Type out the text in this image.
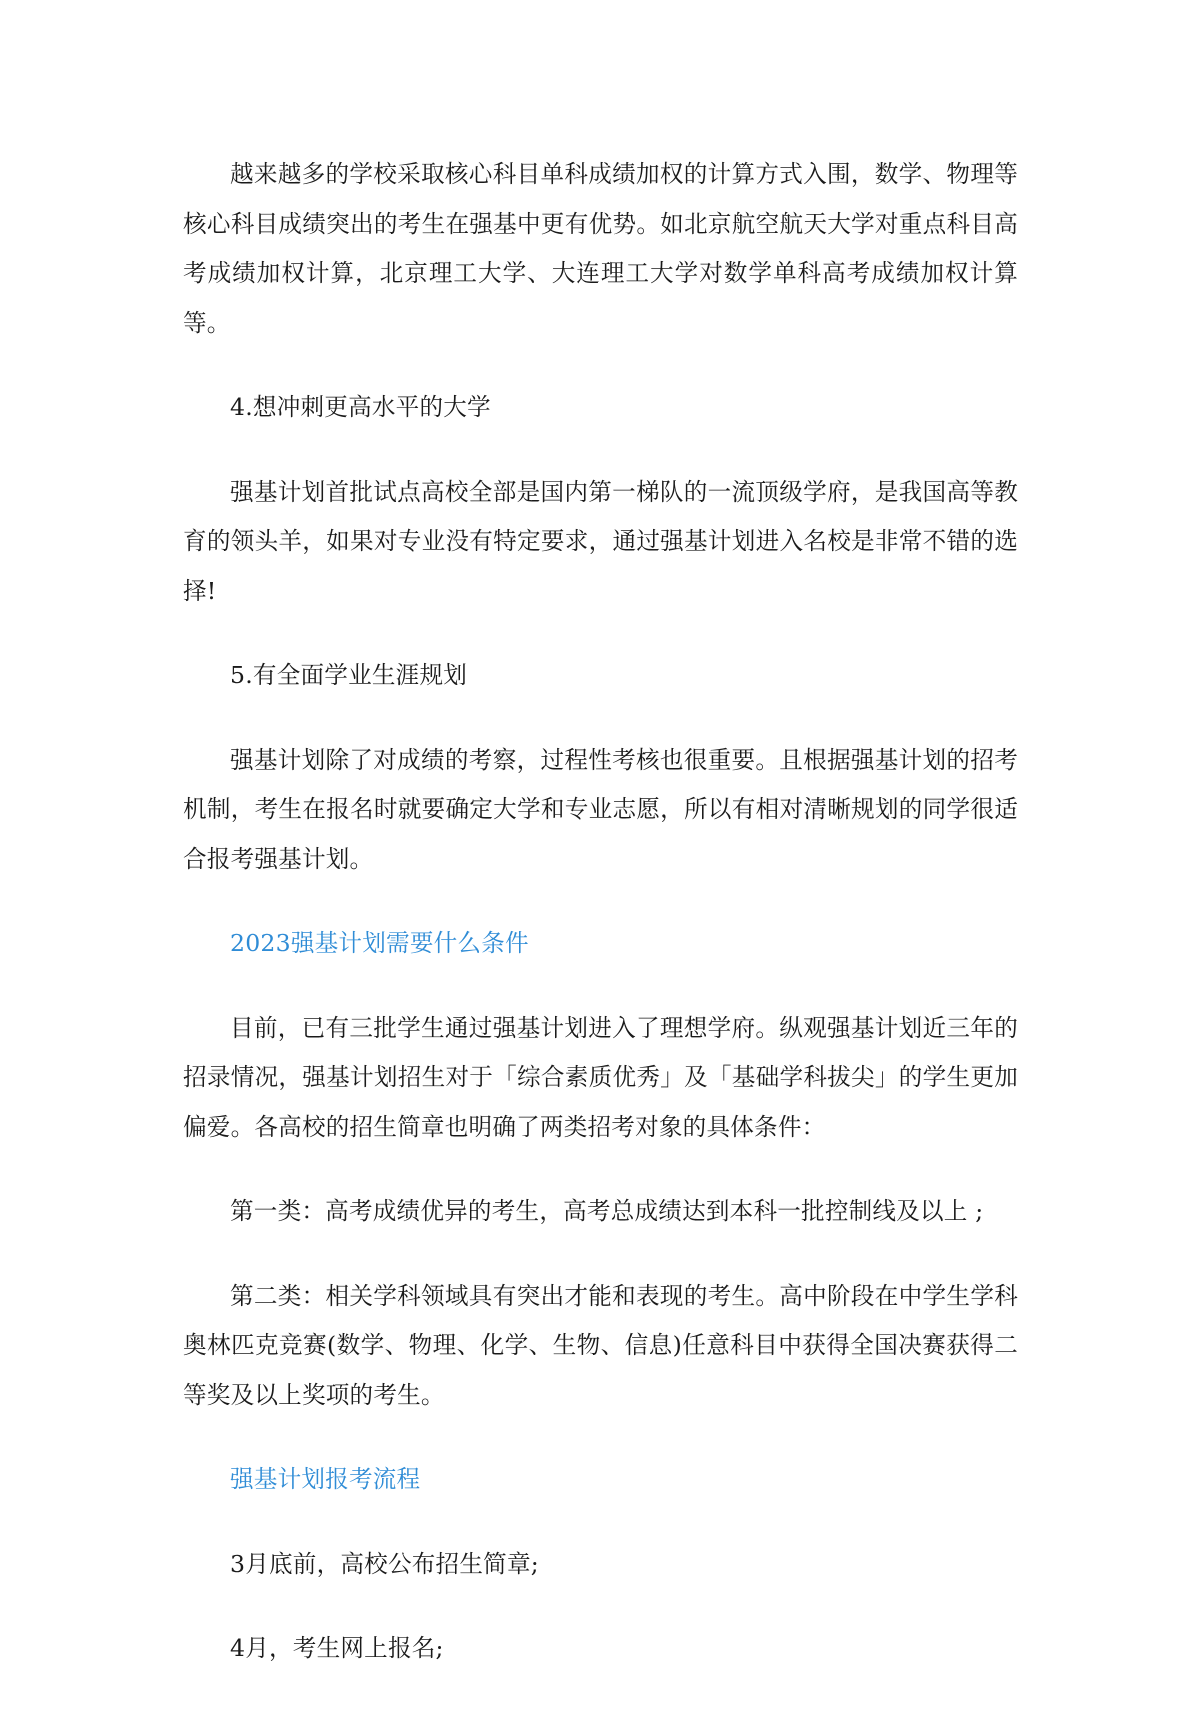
越来越多的学校采取核心科目单科成绩加权的计算方式入围，数学、物理等核心科目成绩突出的考生在强基中更有优势。如北京航空航天大学对重点科目高考成绩加权计算，北京理工大学、大连理工大学对数学单科高考成绩加权计算等。

4.想冲刺更高水平的大学

强基计划首批试点高校全部是国内第一梯队的一流顶级学府，是我国高等教育的领头羊，如果对专业没有特定要求，通过强基计划进入名校是非常不错的选择!

5.有全面学业生涯规划

强基计划除了对成绩的考察，过程性考核也很重要。且根据强基计划的招考机制，考生在报名时就要确定大学和专业志愿，所以有相对清晰规划的同学很适合报考强基计划。

2023强基计划需要什么条件

目前，已有三批学生通过强基计划进入了理想学府。纵观强基计划近三年的招录情况，强基计划招生对于「综合素质优秀」及「基础学科拔尖」的学生更加偏爱。各高校的招生简章也明确了两类招考对象的具体条件：

第一类：高考成绩优异的考生，高考总成绩达到本科一批控制线及以上 ;

第二类：相关学科领域具有突出才能和表现的考生。高中阶段在中学生学科奥林匹克竞赛(数学、物理、化学、生物、信息)任意科目中获得全国决赛获得二等奖及以上奖项的考生。

强基计划报考流程

3月底前，高校公布招生简章;

4月，考生网上报名;
